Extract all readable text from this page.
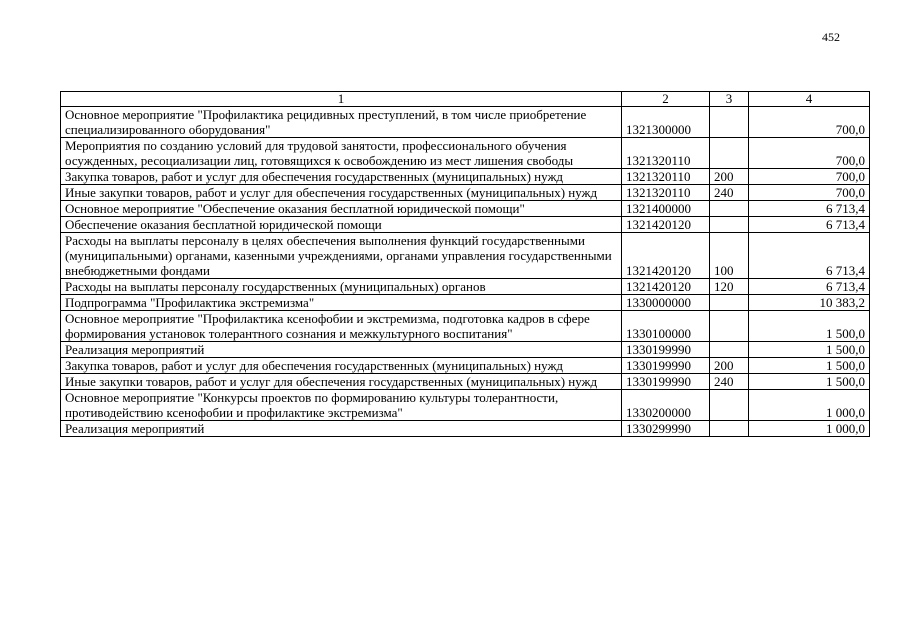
452
1	2	3	4
Основное мероприятие "Профилактика рецидивных преступлений, в том числе приобретение специализированного оборудования"	1321300000		700,0
Мероприятия по созданию условий для трудовой занятости, профессионального обучения осужденных, ресоциализации лиц, готовящихся к освобождению из мест лишения свободы	1321320110		700,0
Закупка товаров, работ и услуг для обеспечения государственных (муниципальных) нужд	1321320110	200	700,0
Иные закупки товаров, работ и услуг для обеспечения государственных (муниципальных) нужд	1321320110	240	700,0
Основное мероприятие "Обеспечение оказания бесплатной юридической помощи"	1321400000		6 713,4
Обеспечение оказания бесплатной юридической помощи	1321420120		6 713,4
Расходы на выплаты персоналу в целях обеспечения выполнения функций государственными (муниципальными) органами, казенными учреждениями, органами управления государственными внебюджетными фондами	1321420120	100	6 713,4
Расходы на выплаты персоналу государственных (муниципальных) органов	1321420120	120	6 713,4
Подпрограмма "Профилактика экстремизма"	1330000000		10 383,2
Основное мероприятие "Профилактика ксенофобии и экстремизма, подготовка кадров в сфере формирования установок толерантного сознания и межкультурного воспитания"	1330100000		1 500,0
Реализация мероприятий	1330199990		1 500,0
Закупка товаров, работ и услуг для обеспечения государственных (муниципальных) нужд	1330199990	200	1 500,0
Иные закупки товаров, работ и услуг для обеспечения государственных (муниципальных) нужд	1330199990	240	1 500,0
Основное мероприятие "Конкурсы проектов по формированию культуры толерантности, противодействию ксенофобии и профилактике экстремизма"	1330200000		1 000,0
Реализация мероприятий	1330299990		1 000,0
